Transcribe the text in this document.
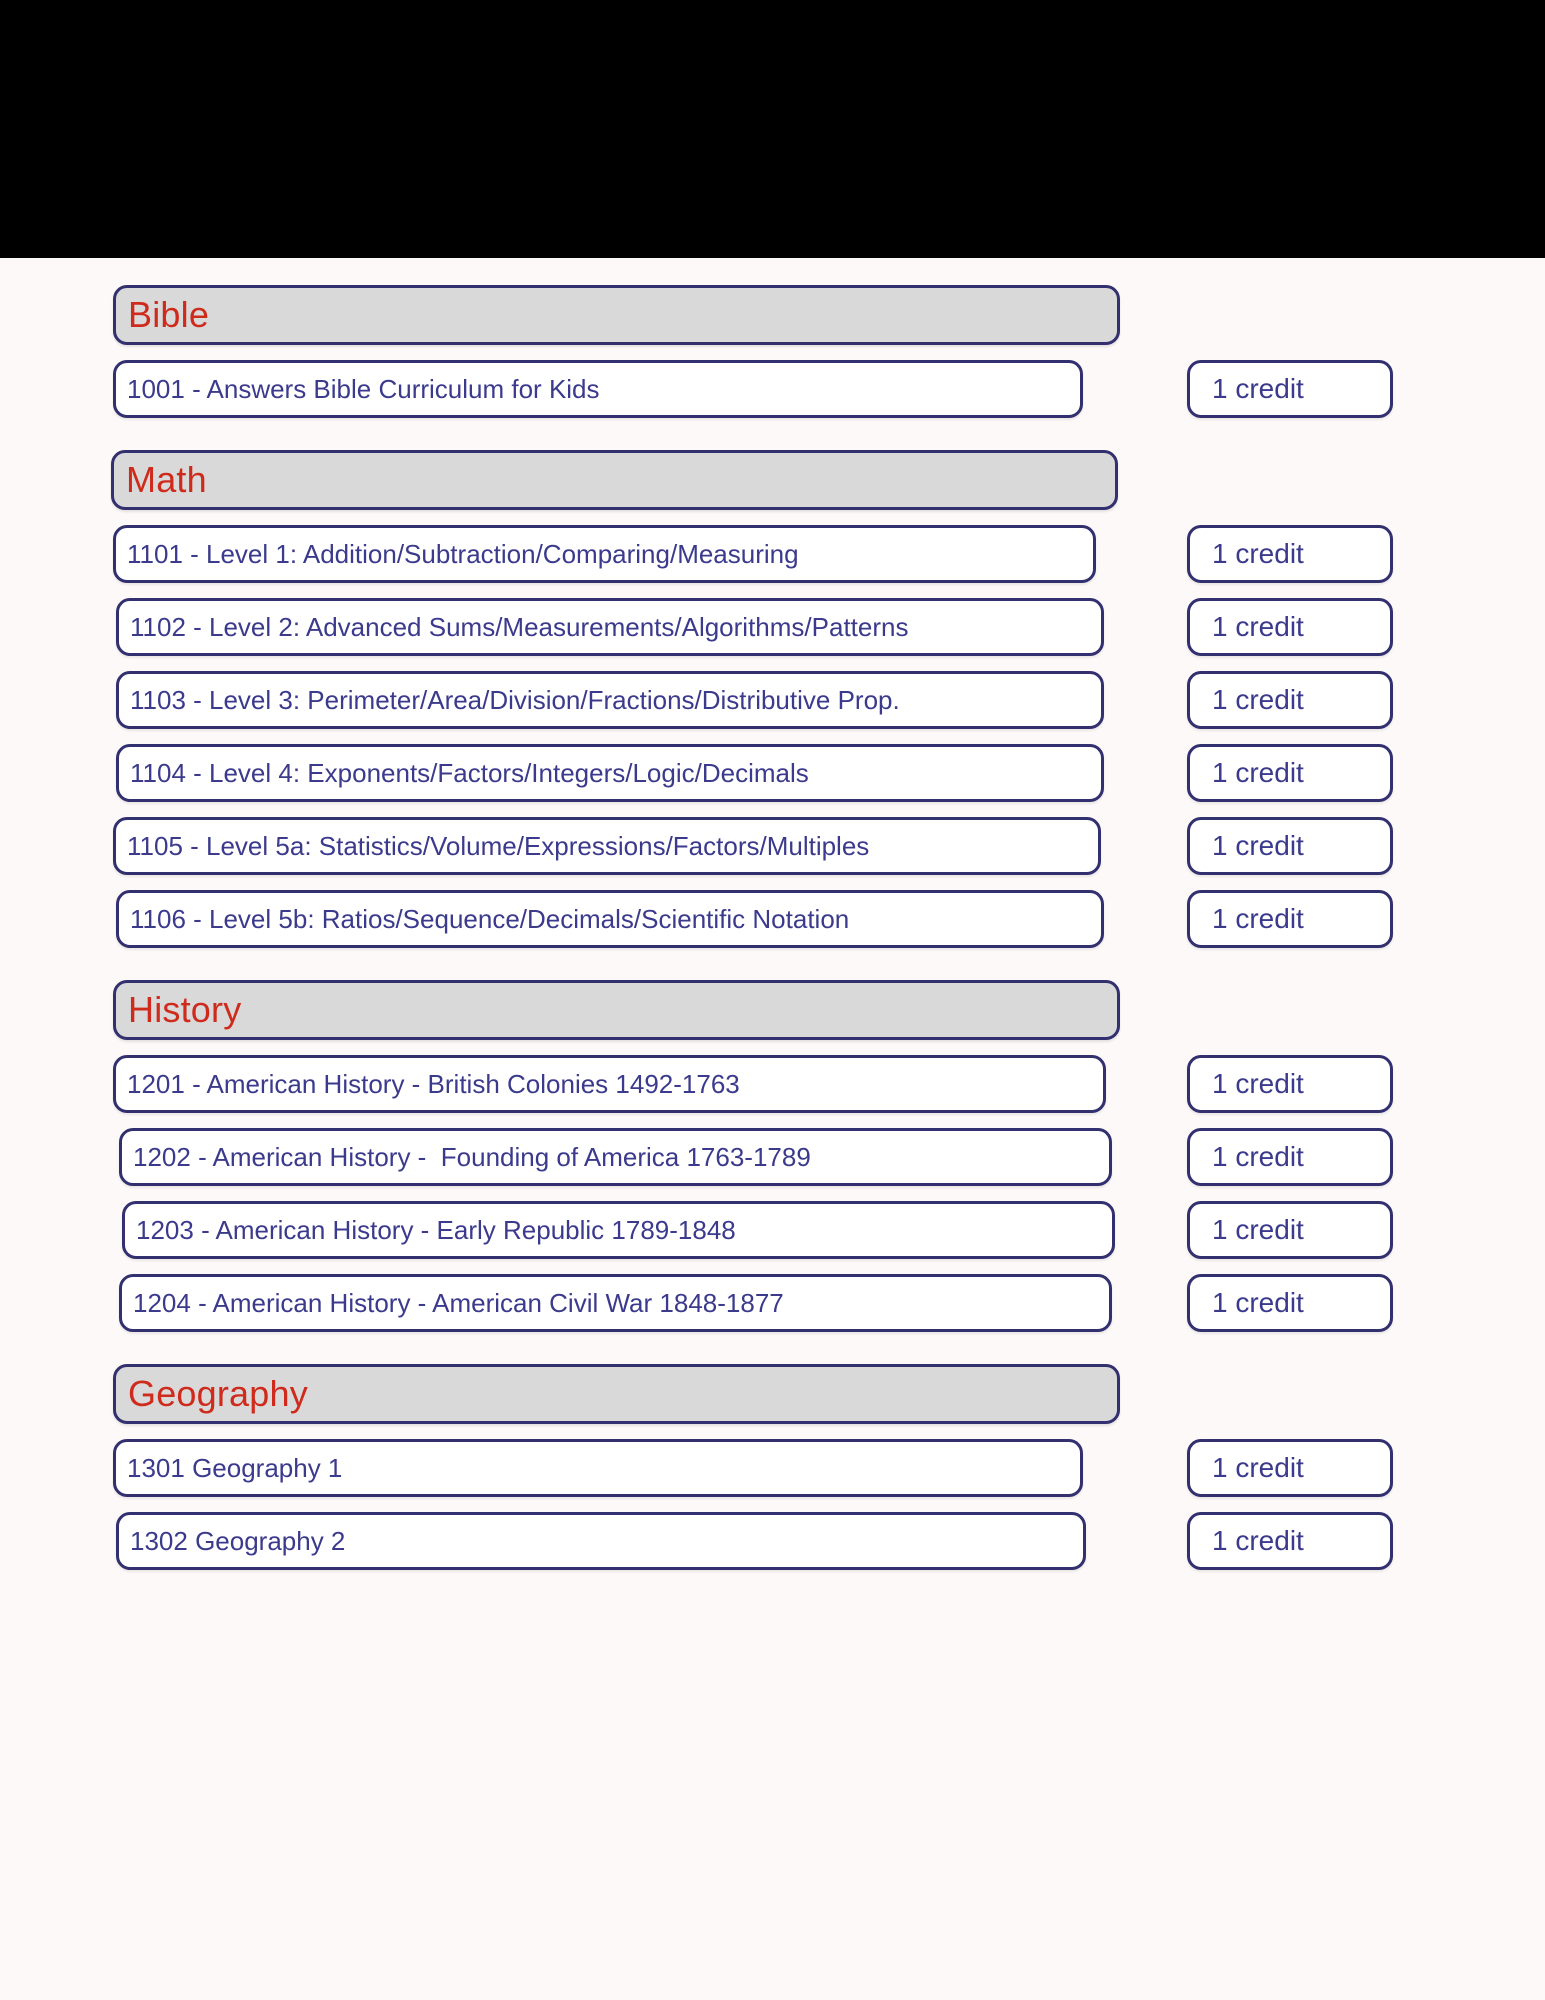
Bible
1001 - Answers Bible Curriculum for Kids	1 credit
Math
1101 - Level 1: Addition/Subtraction/Comparing/Measuring	1 credit
1102 - Level 2: Advanced Sums/Measurements/Algorithms/Patterns	1 credit
1103 - Level 3: Perimeter/Area/Division/Fractions/Distributive Prop.	1 credit
1104 - Level 4: Exponents/Factors/Integers/Logic/Decimals	1 credit
1105 - Level 5a: Statistics/Volume/Expressions/Factors/Multiples	1 credit
1106 - Level 5b: Ratios/Sequence/Decimals/Scientific Notation	1 credit
History
1201 - American History - British Colonies 1492-1763	1 credit
1202 - American History -  Founding of America 1763-1789	1 credit
1203 - American History - Early Republic 1789-1848	1 credit
1204 - American History - American Civil War 1848-1877	1 credit
Geography
1301 Geography 1	1 credit
1302 Geography 2	1 credit
